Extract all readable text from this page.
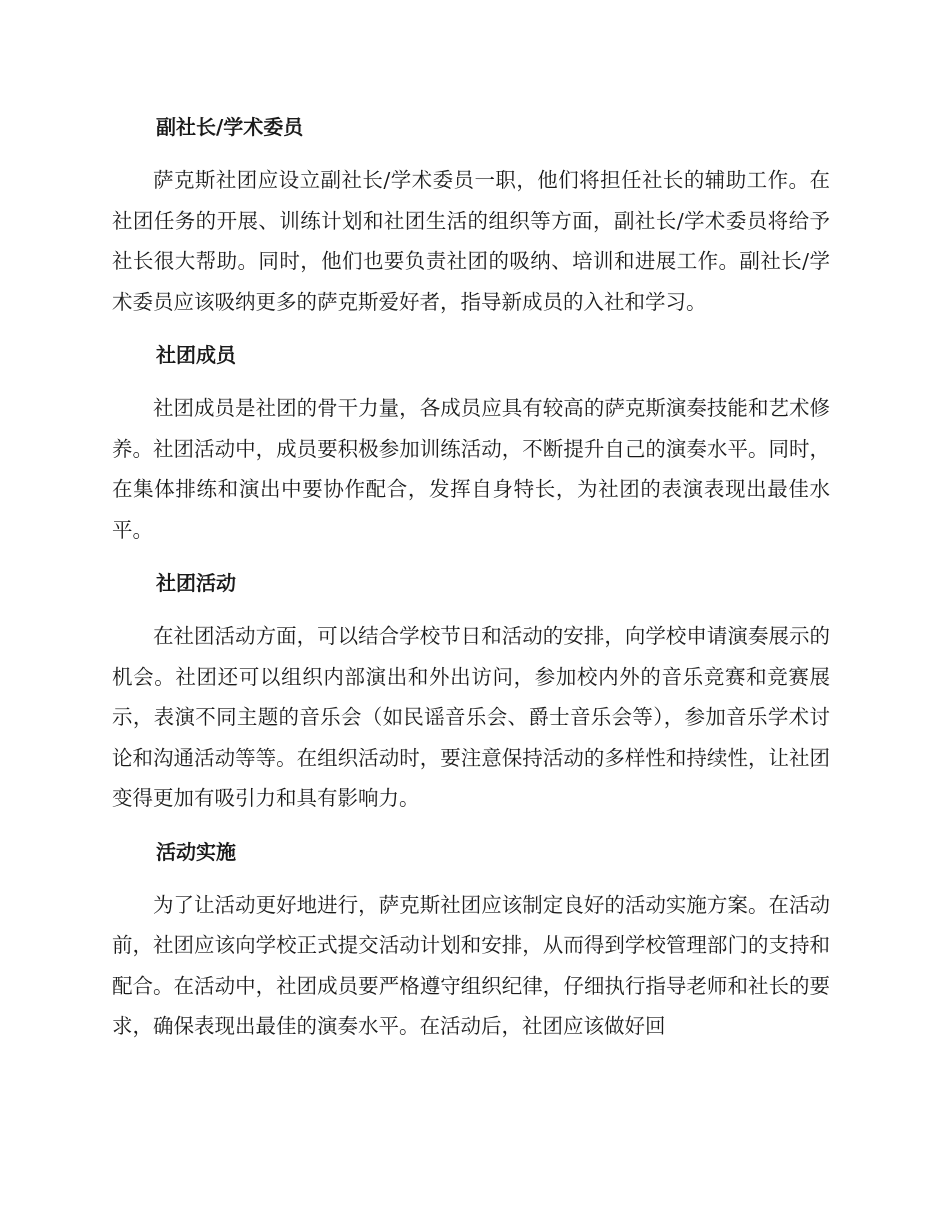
副社长/学术委员

萨克斯社团应设立副社长/学术委员一职，他们将担任社长的辅助工作。在社团任务的开展、训练计划和社团生活的组织等方面，副社长/学术委员将给予社长很大帮助。同时，他们也要负责社团的吸纳、培训和进展工作。副社长/学术委员应该吸纳更多的萨克斯爱好者，指导新成员的入社和学习。

社团成员

社团成员是社团的骨干力量，各成员应具有较高的萨克斯演奏技能和艺术修养。社团活动中，成员要积极参加训练活动，不断提升自己的演奏水平。同时，在集体排练和演出中要协作配合，发挥自身特长，为社团的表演表现出最佳水平。

社团活动

在社团活动方面，可以结合学校节日和活动的安排，向学校申请演奏展示的机会。社团还可以组织内部演出和外出访问，参加校内外的音乐竞赛和竞赛展示，表演不同主题的音乐会（如民谣音乐会、爵士音乐会等），参加音乐学术讨论和沟通活动等等。在组织活动时，要注意保持活动的多样性和持续性，让社团变得更加有吸引力和具有影响力。

活动实施

为了让活动更好地进行，萨克斯社团应该制定良好的活动实施方案。在活动前，社团应该向学校正式提交活动计划和安排，从而得到学校管理部门的支持和配合。在活动中，社团成员要严格遵守组织纪律，仔细执行指导老师和社长的要求，确保表现出最佳的演奏水平。在活动后，社团应该做好回
